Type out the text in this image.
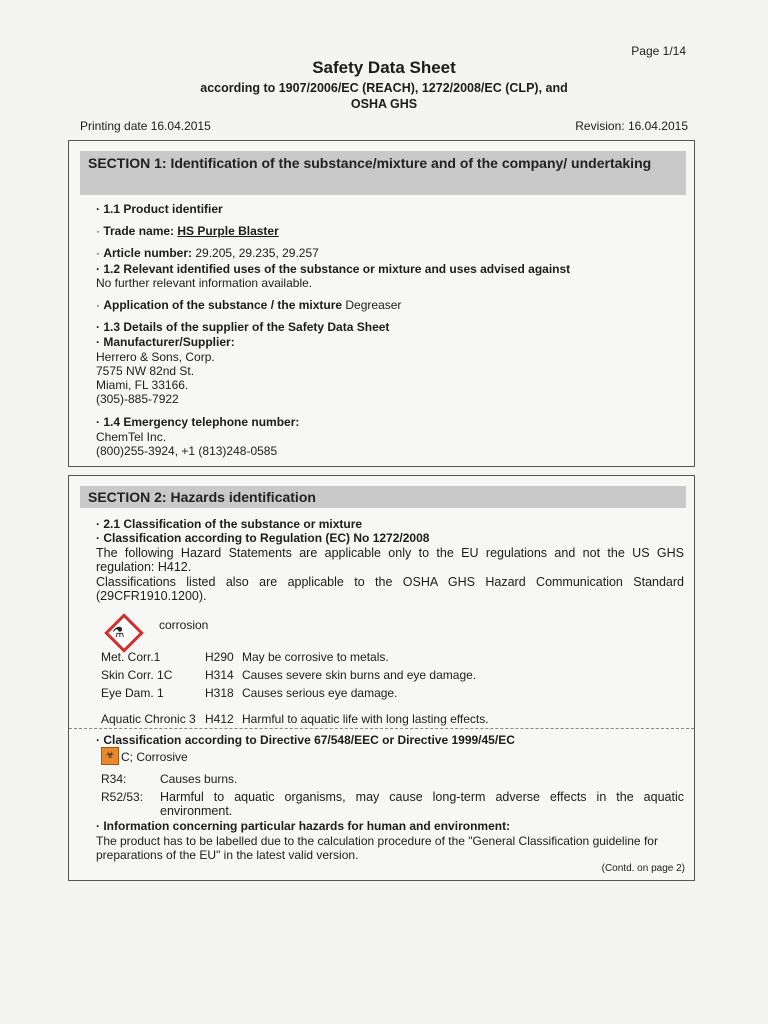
Page 1/14
Safety Data Sheet
according to 1907/2006/EC (REACH), 1272/2008/EC (CLP), and
OSHA GHS
Printing date 16.04.2015	Revision: 16.04.2015
SECTION 1: Identification of the substance/mixture and of the company/ undertaking
· 1.1 Product identifier
· Trade name: HS Purple Blaster
· Article number: 29.205, 29.235, 29.257
· 1.2 Relevant identified uses of the substance or mixture and uses advised against
No further relevant information available.
· Application of the substance / the mixture Degreaser
· 1.3 Details of the supplier of the Safety Data Sheet
· Manufacturer/Supplier:
Herrero & Sons, Corp.
7575 NW 82nd St.
Miami, FL 33166.
(305)-885-7922
· 1.4 Emergency telephone number:
ChemTel Inc.
(800)255-3924, +1 (813)248-0585
SECTION 2: Hazards identification
· 2.1 Classification of the substance or mixture
· Classification according to Regulation (EC) No 1272/2008
The following Hazard Statements are applicable only to the EU regulations and not the US GHS regulation: H412.
Classifications listed also are applicable to the OSHA GHS Hazard Communication Standard (29CFR1910.1200).
⚗	corrosion
Met. Corr.1	H290 May be corrosive to metals.
Skin Corr. 1C	H314 Causes severe skin burns and eye damage.
Eye Dam. 1	H318 Causes serious eye damage.
Aquatic Chronic 3 H412 Harmful to aquatic life with long lasting effects.
· Classification according to Directive 67/548/EEC or Directive 1999/45/EC
☣ C; Corrosive
R34:	Causes burns.
R52/53: Harmful to aquatic organisms, may cause long-term adverse effects in the aquatic environment.
· Information concerning particular hazards for human and environment:
The product has to be labelled due to the calculation procedure of the "General Classification guideline for preparations of the EU" in the latest valid version.
(Contd. on page 2)
